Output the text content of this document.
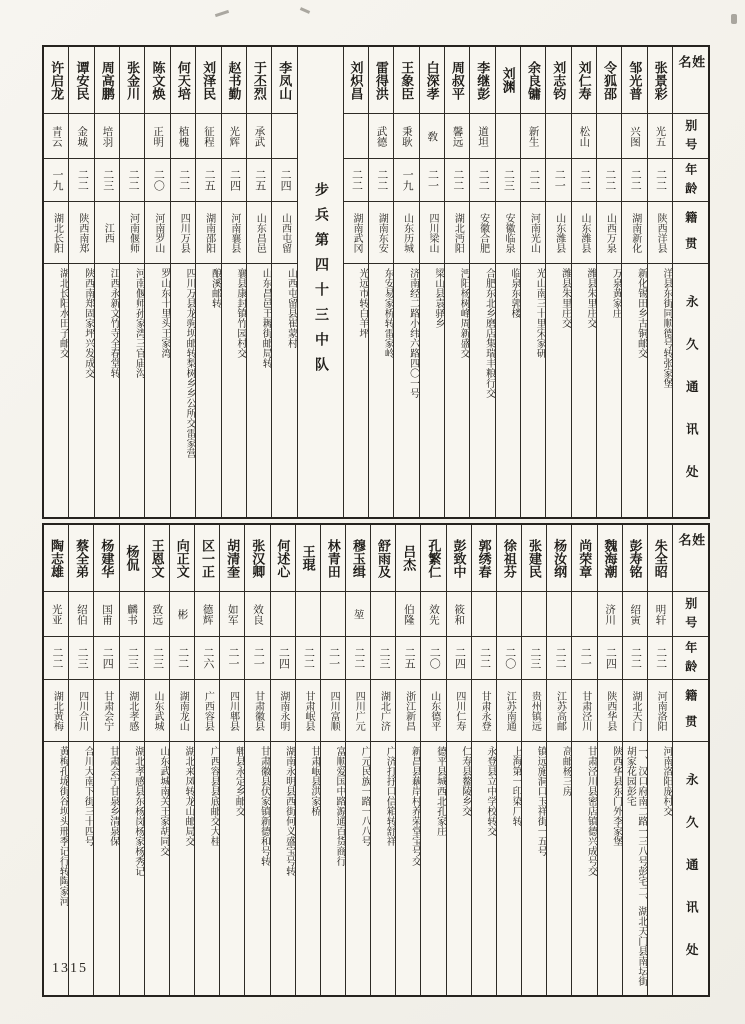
姓名
别号
年龄
籍贯
永久通讯处
张景彩
光五
二二
陕西洋县
洋县东街同顺德号转张家堡
邹光普
兴图
二二
湖南新化
新化锡田乡古铜邮交
令狐邵
二二
山西万泉
万泉黄家庄
刘仁寿
松山
二二
山东潍县
潍县朱里庄交
刘志钧
二一
山东潍县
潍县朱里庄交
余良镛
新生
二二
河南光山
光山南三十里宋家研
刘渊
二三
安徽临泉
临泉东郭楼
李继彭
道坦
二二
安徽合肥
合肥东北乡磨店集瑞丰粮行交
周叔平
馨远
二二
湖北沔阳
沔阳杨树峰周新盛交
白深孝
敎
二一
四川梁山
梁山县袁驿乡
王象臣
秉耿
一九
山东历城
济南经二路小纬六路四〇一号
雷得洪
武德
二二
湖南东安
东安易家桥转雷家岭
刘炽昌
二二
湖南武冈
光远市转白羊坪
步兵第四十三中队
李凤山
二四
山西屯留
山西屯留县崔蒙村
于丕烈
承武
二五
山东昌邑
山东昌邑王耨街邮局转
赵书勤
光辉
二四
河南襄县
襄县康封镇竹园村交
刘泽民
征程
二五
湖南邵阳
酿溪邮转
何天培
植槐
二二
四川万县
四川万县龙驹坝邮转梨树乡乡公所交雷家营
陈文焕
正明
二〇
河南罗山
罗山东十里头王家湾
张金川
二二
河南偃师
河南偃师孙家湾三官庙沟
周高鹏
培羽
二三
江西
江西永新文竹寺全春堂转
谭安民
金城
二二
陕西南郑
陕西南郑固家坪兴发成交
许启龙
青云
一九
湖北长阳
湖北长阳水田子邮交
姓名
别号
年龄
籍贯
永久通讯处
朱全昭
明轩
二二
河南洛阳
河南洛阳庞村交
彭寿铭
绍寅
二二
湖北天门
一、汉口府南二路一三八号彭宅二、湖北天门县南坛街胡家花园彭宅
魏海潮
济川
二四
陕西华县
陕西华县东门外李家堡
尚荣章
二一
甘肃泾川
甘肃泾川县密店镇德兴成号交
杨汝纲
二二
江苏高邮
高邮杨三房
张建民
二三
贵州镇远
镇远施洞口玉祥街一五号
徐祖芬
二〇
江苏南通
上海第一印染厂转
郭绣春
二二
甘肃永登
永登县立中学校转交
彭致中
筱和
二四
四川仁寿
仁寿县鳌陵乡交
孔繁仁
效先
二〇
山东德平
德平县城西北孔家庄
吕杰
伯隆
二五
浙江新昌
新昌县藕岸村养荣堂宝号交
舒雨及
二三
湖北广济
广济打抒口信箱转舒祥
穆玉缉
堃
二二
四川广元
广元民族一路一八八号
林青田
二一
四川富顺
富顺爱国中路源通百货商行
王琨
二二
甘肃岷县
甘肃岷县洪家桥
何述心
二四
湖南永明
湖南永明县西街何义盛宝号转
张汉卿
效良
二一
甘肃徽县
甘肃徽县伏家镇新德和号转
胡清奎
如军
二一
四川郫县
郫县永定乡邮交
区一正
德辉
二六
广西容县
广西容县县底邮交大桂
向正文
彬
二二
湖南龙山
湖北来凤转龙山邮局交
王恩文
致远
二三
山东武城
山东武城南关王家胡同交
杨侃
麟书
二三
湖北孝感
湖北孝感县东杨岗杨家杨秀记
杨建华
国甫
二四
甘肃会宁
甘肃会宁甘泉乡清泉保
蔡全弟
绍伯
二三
四川合川
合川大南下街三十四号
陶志雄
光亚
二二
湖北黄梅
黄梅孔垅街谷坝头邢季记行转陶家河
1315
